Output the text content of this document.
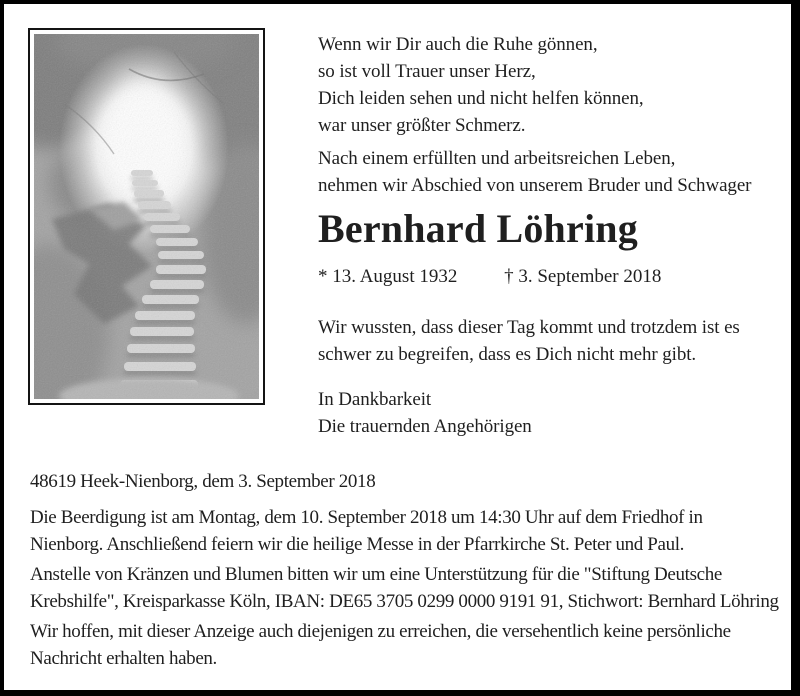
Wenn wir Dir auch die Ruhe gönnen,
so ist voll Trauer unser Herz,
Dich leiden sehen und nicht helfen können,
war unser größter Schmerz.
Nach einem erfüllten und arbeitsreichen Leben,
nehmen wir Abschied von unserem Bruder und Schwager
Bernhard Löhring
* 13. August 1932 † 3. September 2018
Wir wussten, dass dieser Tag kommt und trotzdem ist es
schwer zu begreifen, dass es Dich nicht mehr gibt.
In Dankbarkeit
Die trauernden Angehörigen
48619 Heek-Nienborg, dem 3. September 2018
Die Beerdigung ist am Montag, dem 10. September 2018 um 14:30 Uhr auf dem Friedhof in
Nienborg. Anschließend feiern wir die heilige Messe in der Pfarrkirche St. Peter und Paul.
Anstelle von Kränzen und Blumen bitten wir um eine Unterstützung für die "Stiftung Deutsche
Krebshilfe", Kreisparkasse Köln, IBAN: DE65 3705 0299 0000 9191 91, Stichwort: Bernhard Löhring
Wir hoffen, mit dieser Anzeige auch diejenigen zu erreichen, die versehentlich keine persönliche
Nachricht erhalten haben.
